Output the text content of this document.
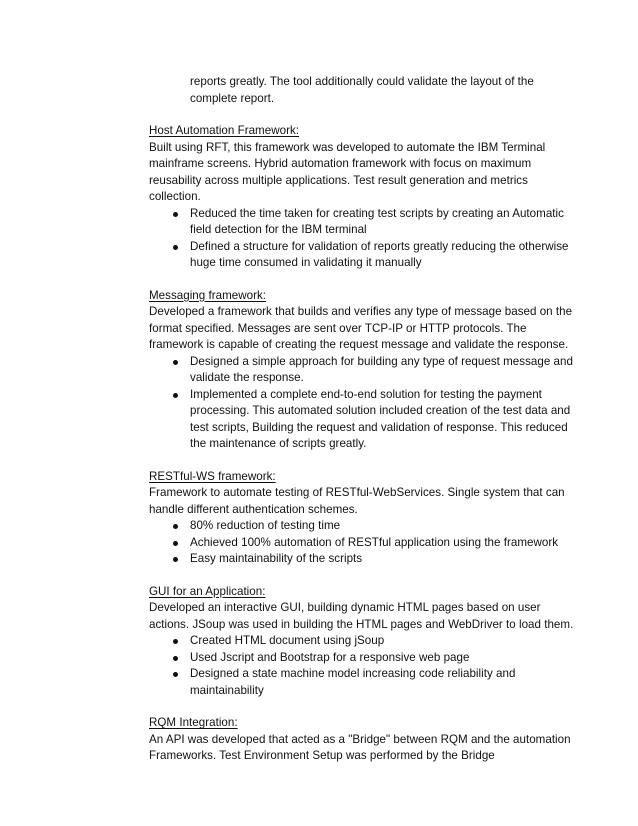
reports greatly. The tool additionally could validate the layout of the complete report.
Host Automation Framework:
Built using RFT, this framework was developed to automate the IBM Terminal mainframe screens. Hybrid automation framework with focus on maximum reusability across multiple applications. Test result generation and metrics collection.
Reduced the time taken for creating test scripts by creating an Automatic field detection for the IBM terminal
Defined a structure for validation of reports greatly reducing the otherwise huge time consumed in validating it manually
Messaging framework:
Developed a framework that builds and verifies any type of message based on the format specified. Messages are sent over TCP-IP or HTTP protocols. The framework is capable of creating the request message and validate the response.
Designed a simple approach for building any type of request message and validate the response.
Implemented a complete end-to-end solution for testing the payment processing. This automated solution included creation of the test data and test scripts, Building the request and validation of response. This reduced the maintenance of scripts greatly.
RESTful-WS framework:
Framework to automate testing of RESTful-WebServices. Single system that can handle different authentication schemes.
80% reduction of testing time
Achieved 100% automation of RESTful application using the framework
Easy maintainability of the scripts
GUI for an Application:
Developed an interactive GUI, building dynamic HTML pages based on user actions. JSoup was used in building the HTML pages and WebDriver to load them.
Created HTML document using jSoup
Used Jscript and Bootstrap for a responsive web page
Designed a state machine model increasing code reliability and maintainability
RQM Integration:
An API was developed that acted as a "Bridge" between RQM and the automation Frameworks. Test Environment Setup was performed by the Bridge
